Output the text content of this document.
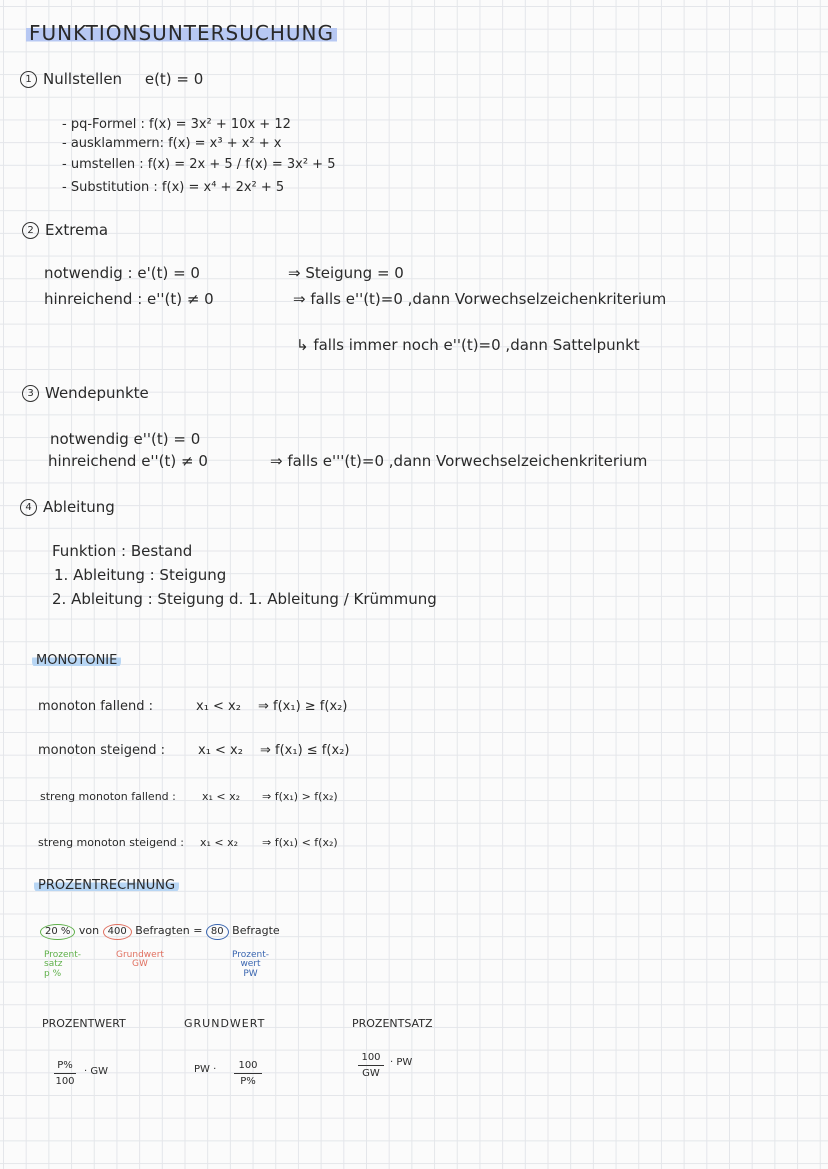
FUNKTIONSUNTERSUCHUNG
1 Nullstellen e(t) = 0
- pq-Formel : f(x) = 3x² + 10x + 12
- ausklammern: f(x) = x³ + x² + x
- umstellen : f(x) = 2x + 5 / f(x) = 3x² + 5
- Substitution : f(x) = x⁴ + 2x² + 5
2 Extrema
notwendig : e'(t) = 0	⇒ Steigung = 0
hinreichend : e''(t) ≠ 0	⇒ falls e''(t)=0 ,dann Vorwechselzeichenkriterium
↳ falls immer noch e''(t)=0 ,dann Sattelpunkt
3 Wendepunkte
notwendig e''(t) = 0
hinreichend e''(t) ≠ 0	⇒ falls e'''(t)=0 ,dann Vorwechselzeichenkriterium
4 Ableitung
Funktion : Bestand
1. Ableitung : Steigung
2. Ableitung : Steigung d. 1. Ableitung / Krümmung
MONOTONIE
monoton fallend :	x₁ < x₂ ⇒ f(x₁) ≥ f(x₂)
monoton steigend :	x₁ < x₂ ⇒ f(x₁) ≤ f(x₂)
streng monoton fallend : x₁ < x₂ ⇒ f(x₁) > f(x₂)
streng monoton steigend : x₁ < x₂ ⇒ f(x₁) < f(x₂)
PROZENTRECHNUNG
20 % von 400 Befragten = 80 Befragte
Prozent-
satz
p %
Grundwert
GW
Prozent-
wert
PW
PROZENTWERT	GRUNDWERT	PROZENTSATZ
P%
100
· GW	PW ·	100
P%
100
GW
· PW
